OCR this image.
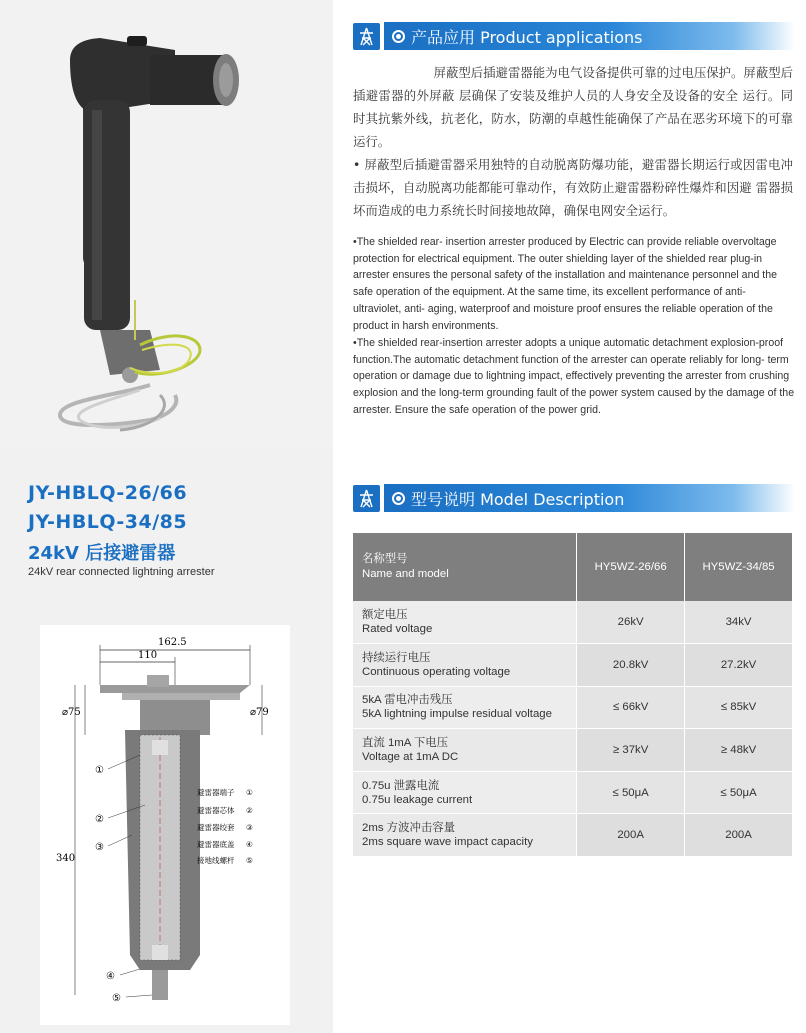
JY-HBLQ-26/66
JY-HBLQ-34/85
24kV 后接避雷器
24kV rear connected lightning arrester
162.5
110
⌀75	⌀79
340
①
②
③
④
⑤
避雷器端子 ①
避雷器芯体 ②
避雷器绞套 ③
避雷器底盖 ④
接地线螺杆 ⑤
产品应用 Product applications
屏蔽型后插避雷器能为电气设备提供可靠的过电压保护。屏蔽型后插避雷器的外屏蔽 层确保了安装及维护人员的人身安全及设备的安全 运行。同时其抗紫外线，抗老化，防水，防潮的卓越性能确保了产品在恶劣环境下的可靠运行。
• 屏蔽型后插避雷器采用独特的自动脱离防爆功能，避雷器长期运行或因雷电冲击损坏，自动脱离功能都能可靠动作，有效防止避雷器粉碎性爆炸和因避 雷器损坏而造成的电力系统长时间接地故障，确保电网安全运行。
•The shielded rear- insertion arrester produced by Electric can provide reliable overvoltage protection for electrical equipment. The outer shielding layer of the shielded rear plug-in arrester ensures the personal safety of the installation and maintenance personnel and the safe operation of the equipment. At the same time, its excellent performance of anti- ultraviolet, anti- aging, waterproof and moisture proof ensures the reliable operation of the product in harsh environments.
•The shielded rear-insertion arrester adopts a unique automatic detachment explosion-proof function.The automatic detachment function of the arrester can operate reliably for long- term operation or damage due to lightning impact, effectively preventing the arrester from crushing explosion and the long-term grounding fault of the power system caused by the damage of the arrester. Ensure the safe operation of the power grid.
型号说明 Model Description
名称型号
Name and model	HY5WZ-26/66	HY5WZ-34/85

额定电压
Rated voltage	26kV	34kV

持续运行电压
Continuous operating voltage	20.8kV	27.2kV

5kA 雷电冲击残压
5kA lightning impulse residual voltage	≤ 66kV	≤ 85kV

直流 1mA 下电压
Voltage at 1mA DC	≥ 37kV	≥ 48kV

0.75u 泄露电流
0.75u leakage current	≤ 50μA	≤ 50μA

2ms 方波冲击容量
2ms square wave impact capacity	200A	200A
